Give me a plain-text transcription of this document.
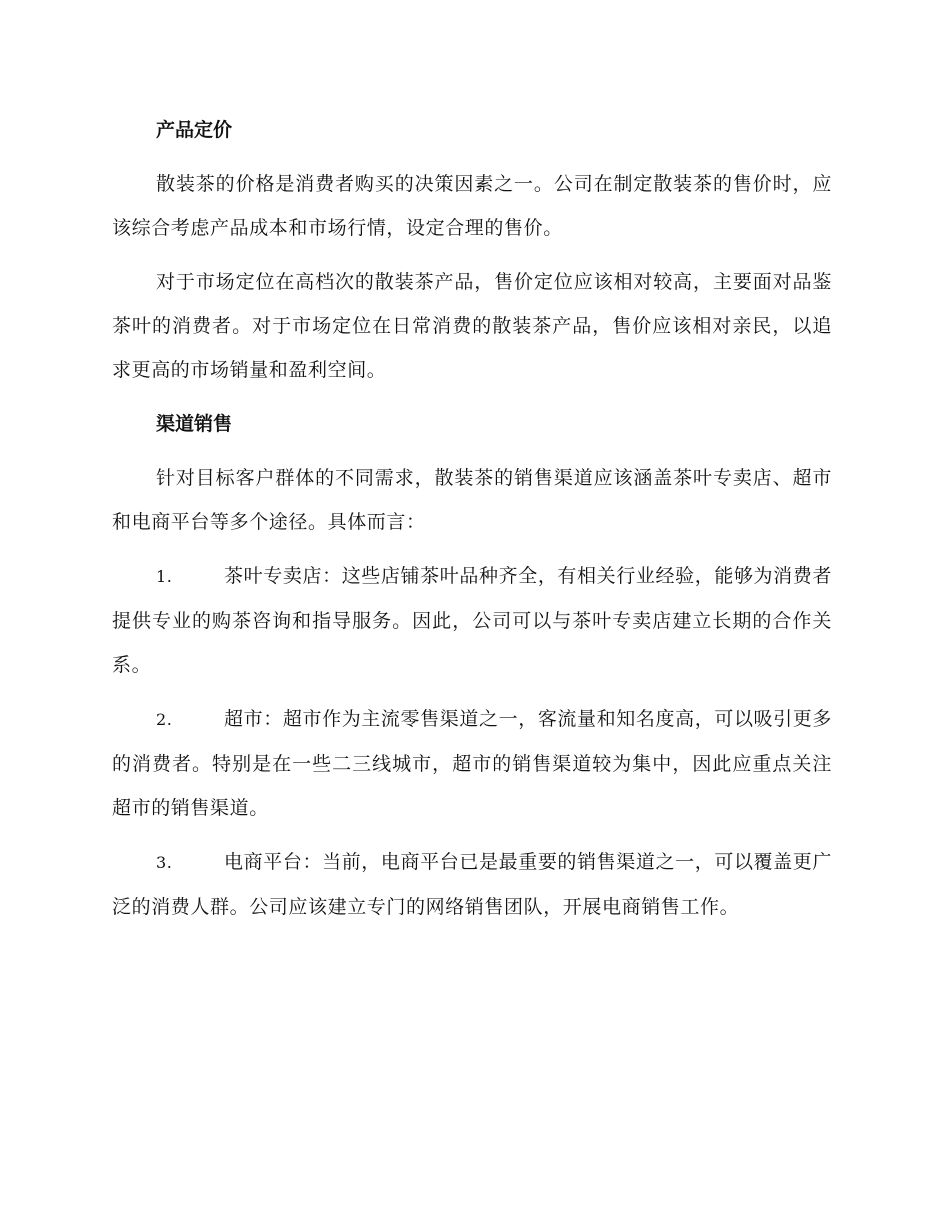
产品定价

散装茶的价格是消费者购买的决策因素之一。公司在制定散装茶的售价时，应该综合考虑产品成本和市场行情，设定合理的售价。

对于市场定位在高档次的散装茶产品，售价定位应该相对较高，主要面对品鉴茶叶的消费者。对于市场定位在日常消费的散装茶产品，售价应该相对亲民，以追求更高的市场销量和盈利空间。

渠道销售

针对目标客户群体的不同需求，散装茶的销售渠道应该涵盖茶叶专卖店、超市和电商平台等多个途径。具体而言：

1.	茶叶专卖店：这些店铺茶叶品种齐全，有相关行业经验，能够为消费者提供专业的购茶咨询和指导服务。因此，公司可以与茶叶专卖店建立长期的合作关系。

2.	超市：超市作为主流零售渠道之一，客流量和知名度高，可以吸引更多的消费者。特别是在一些二三线城市，超市的销售渠道较为集中，因此应重点关注超市的销售渠道。

3.	电商平台：当前，电商平台已是最重要的销售渠道之一，可以覆盖更广泛的消费人群。公司应该建立专门的网络销售团队，开展电商销售工作。
